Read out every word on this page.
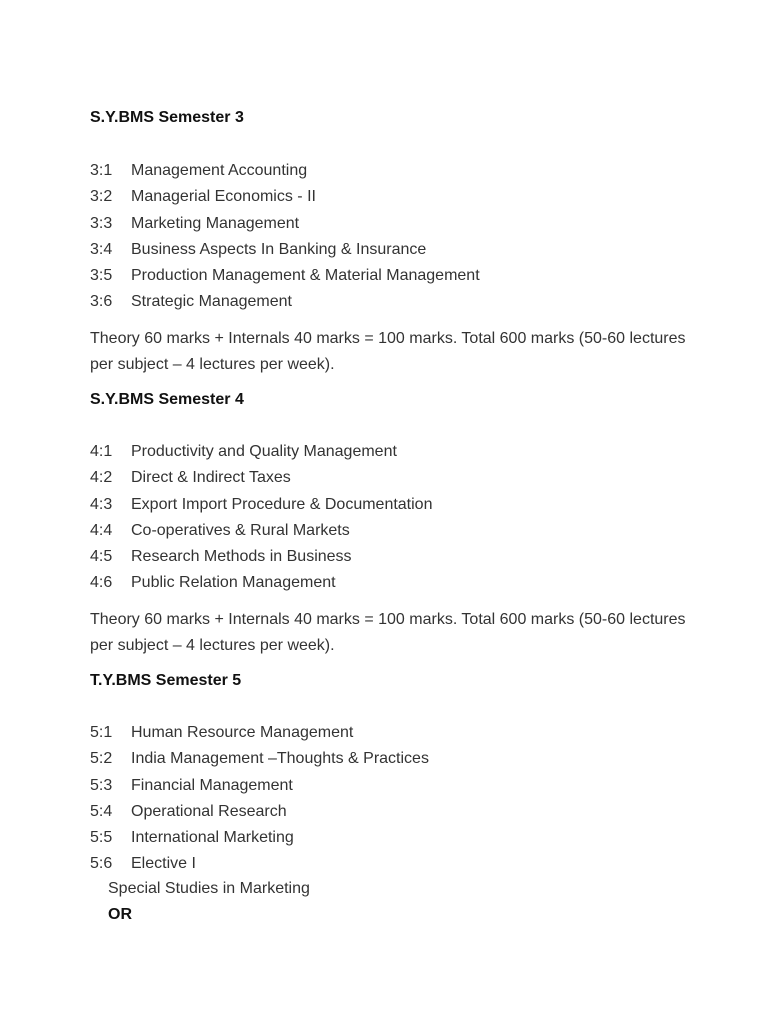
S.Y.BMS Semester 3
3:1	Management Accounting
3:2	Managerial Economics - II
3:3	Marketing Management
3:4	Business Aspects In Banking & Insurance
3:5	Production Management & Material Management
3:6	Strategic Management

Theory 60 marks + Internals 40 marks = 100 marks. Total 600 marks (50-60 lectures per subject – 4 lectures per week).

S.Y.BMS Semester 4
4:1	Productivity and Quality Management
4:2	Direct & Indirect Taxes
4:3	Export Import Procedure & Documentation
4:4	Co-operatives & Rural Markets
4:5	Research Methods in Business
4:6	Public Relation Management

Theory 60 marks + Internals 40 marks = 100 marks. Total 600 marks (50-60 lectures per subject – 4 lectures per week).

T.Y.BMS Semester 5
5:1	Human Resource Management
5:2	India Management –Thoughts & Practices
5:3	Financial Management
5:4	Operational Research
5:5	International Marketing
5:6	Elective I
Special Studies in Marketing
OR
